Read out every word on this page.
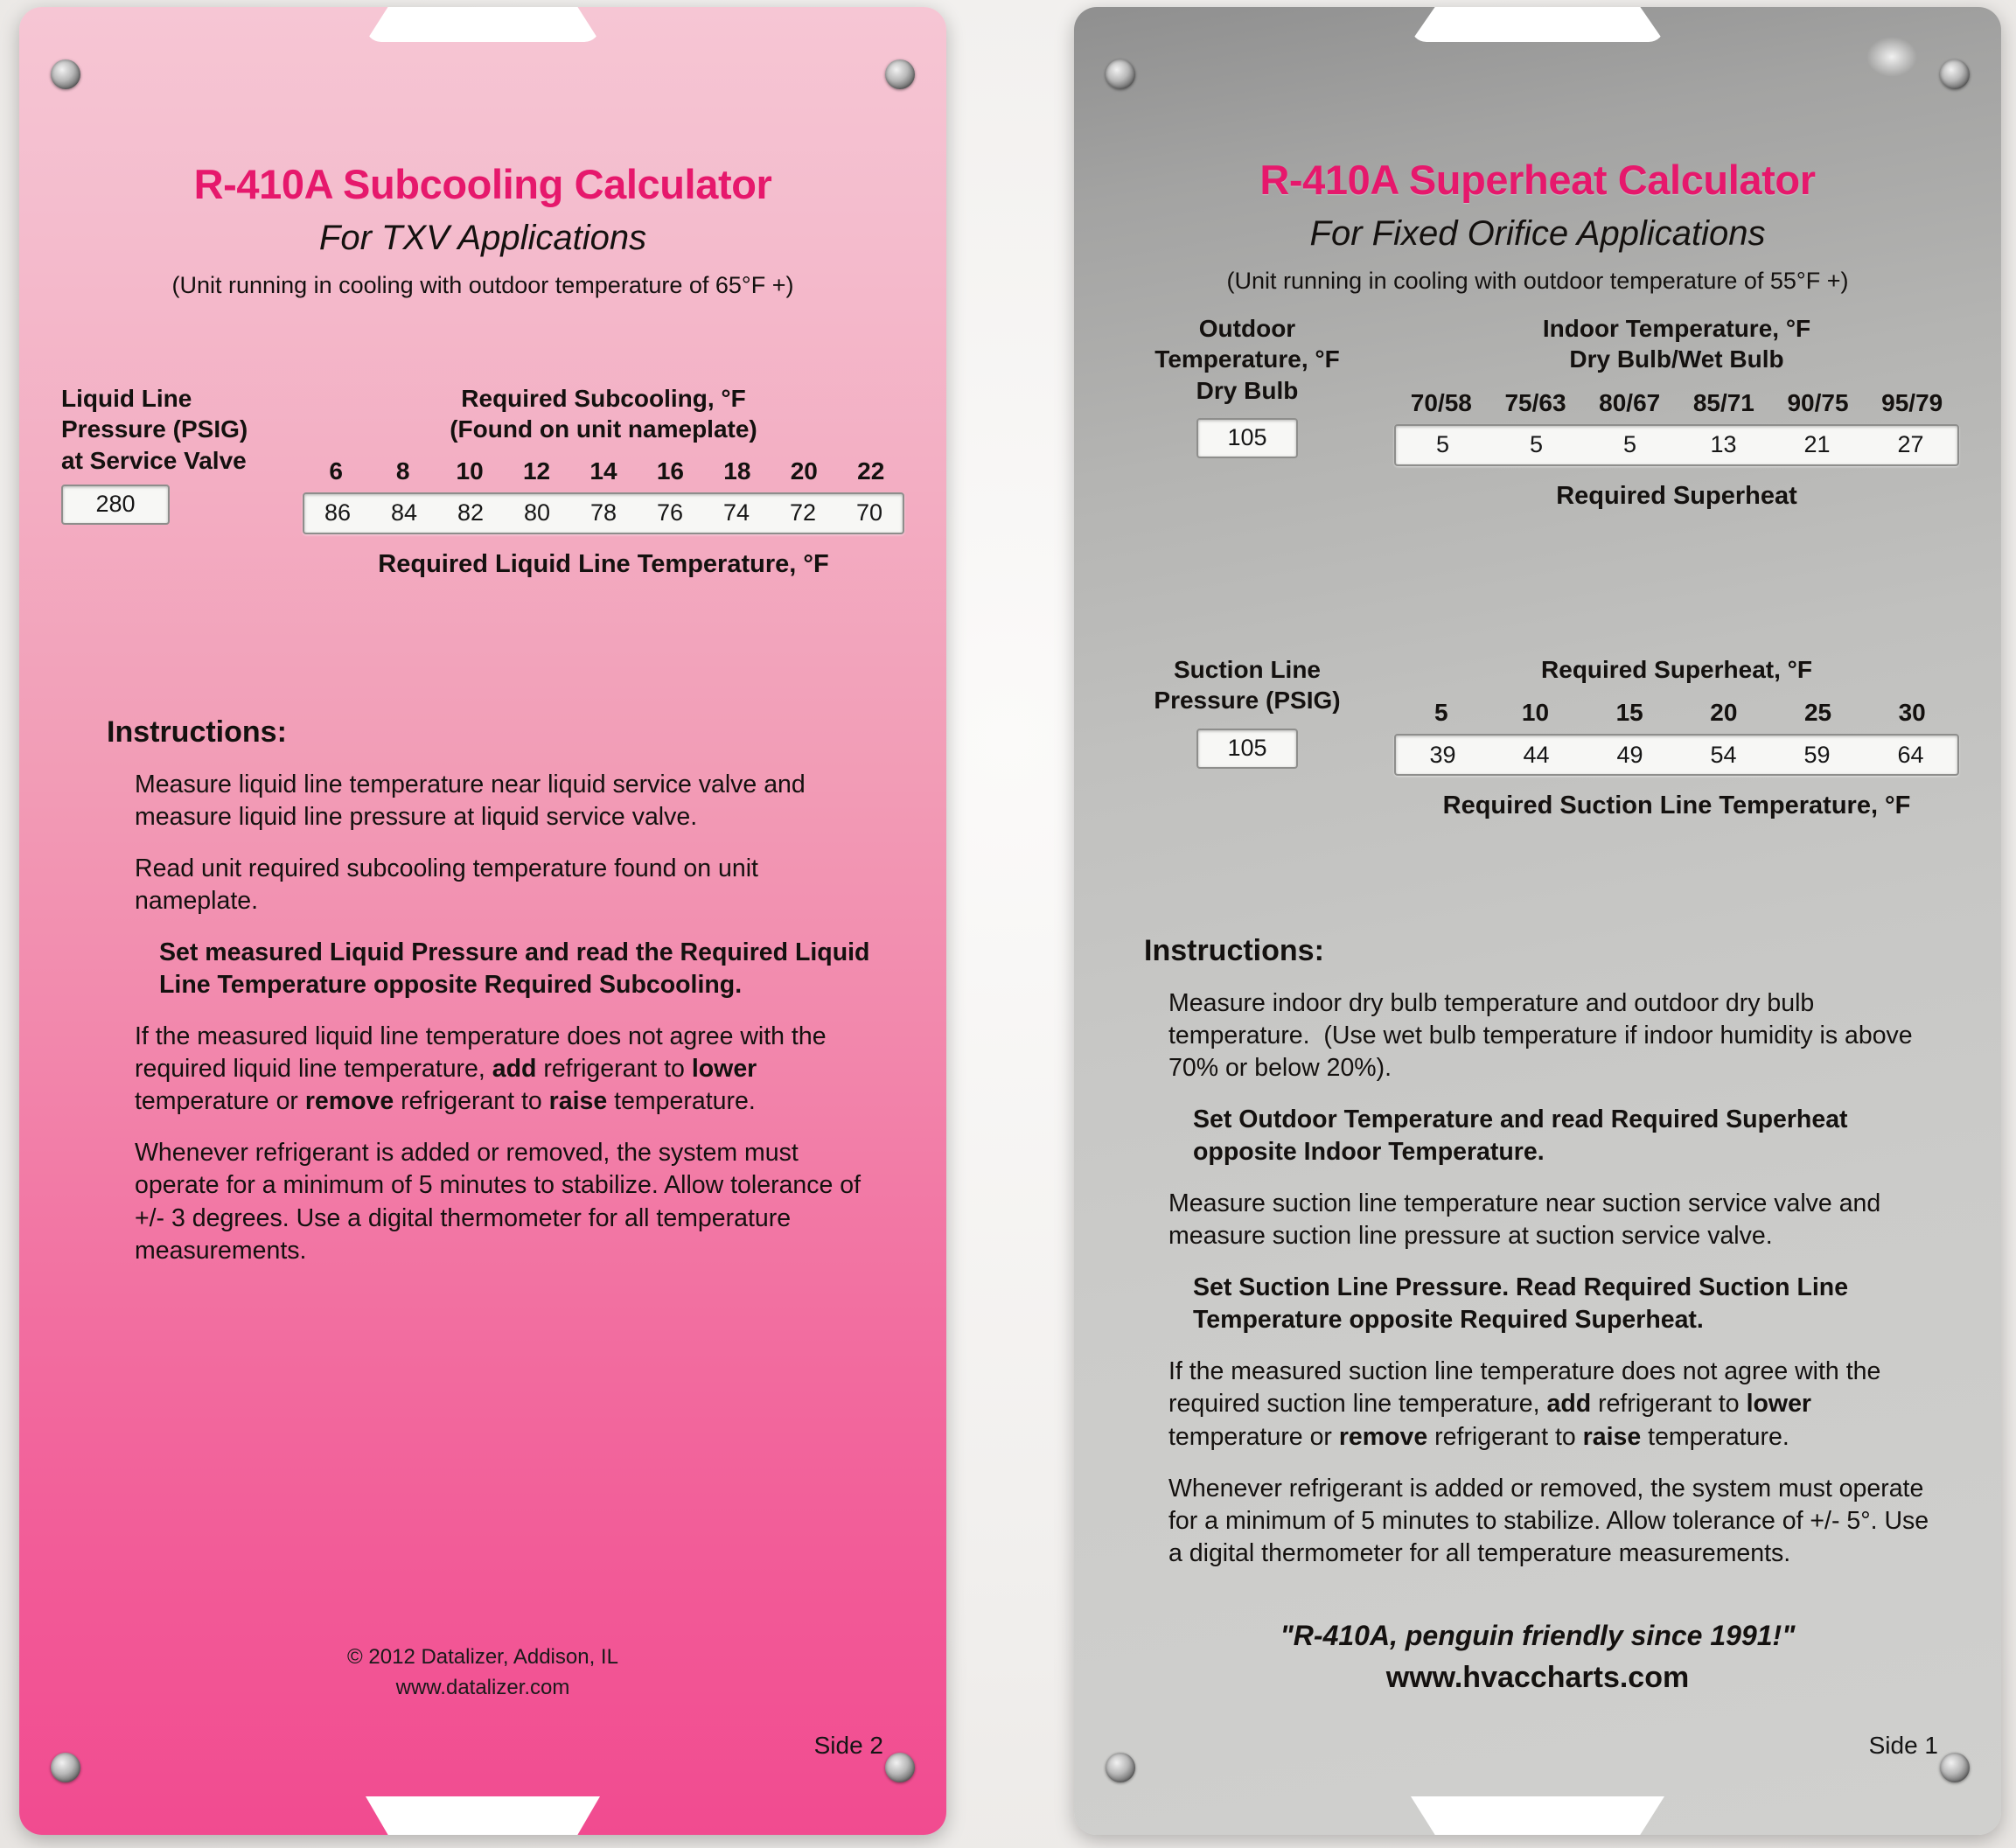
R-410A Subcooling Calculator
For TXV Applications
(Unit running in cooling with outdoor temperature of 65°F +)
Liquid Line
Pressure (PSIG)
at Service Valve
280
Required Subcooling, °F
(Found on unit nameplate)
6	8	10	12	14	16	18	20	22
86	84	82	80	78	76	74	72	70
Required Liquid Line Temperature, °F
Instructions:
Measure liquid line temperature near liquid service valve and measure liquid line pressure at liquid service valve.
Read unit required subcooling temperature found on unit nameplate.
Set measured Liquid Pressure and read the Required Liquid Line Temperature opposite Required Subcooling.
If the measured liquid line temperature does not agree with the required liquid line temperature, add refrigerant to lower temperature or remove refrigerant to raise temperature.
Whenever refrigerant is added or removed, the system must operate for a minimum of 5 minutes to stabilize. Allow tolerance of +/- 3 degrees. Use a digital thermometer for all temperature measurements.
© 2012 Datalizer, Addison, IL
www.datalizer.com
Side 2
R-410A Superheat Calculator
For Fixed Orifice Applications
(Unit running in cooling with outdoor temperature of 55°F +)
Outdoor
Temperature, °F
Dry Bulb
105
Indoor Temperature, °F
Dry Bulb/Wet Bulb
70/58	75/63	80/67	85/71	90/75	95/79
5	5	5	13	21	27
Required Superheat
Suction Line
Pressure (PSIG)
105
Required Superheat, °F
5	10	15	20	25	30
39	44	49	54	59	64
Required Suction Line Temperature, °F
Instructions:
Measure indoor dry bulb temperature and outdoor dry bulb temperature.  (Use wet bulb temperature if indoor humidity is above 70% or below 20%).
Set Outdoor Temperature and read Required Superheat opposite Indoor Temperature.
Measure suction line temperature near suction service valve and measure suction line pressure at suction service valve.
Set Suction Line Pressure. Read Required Suction Line Temperature opposite Required Superheat.
If the measured suction line temperature does not agree with the required suction line temperature, add refrigerant to lower temperature or remove refrigerant to raise temperature.
Whenever refrigerant is added or removed, the system must operate for a minimum of 5 minutes to stabilize. Allow tolerance of +/- 5°. Use a digital thermometer for all temperature measurements.
"R-410A, penguin friendly since 1991!"
www.hvaccharts.com
Side 1
